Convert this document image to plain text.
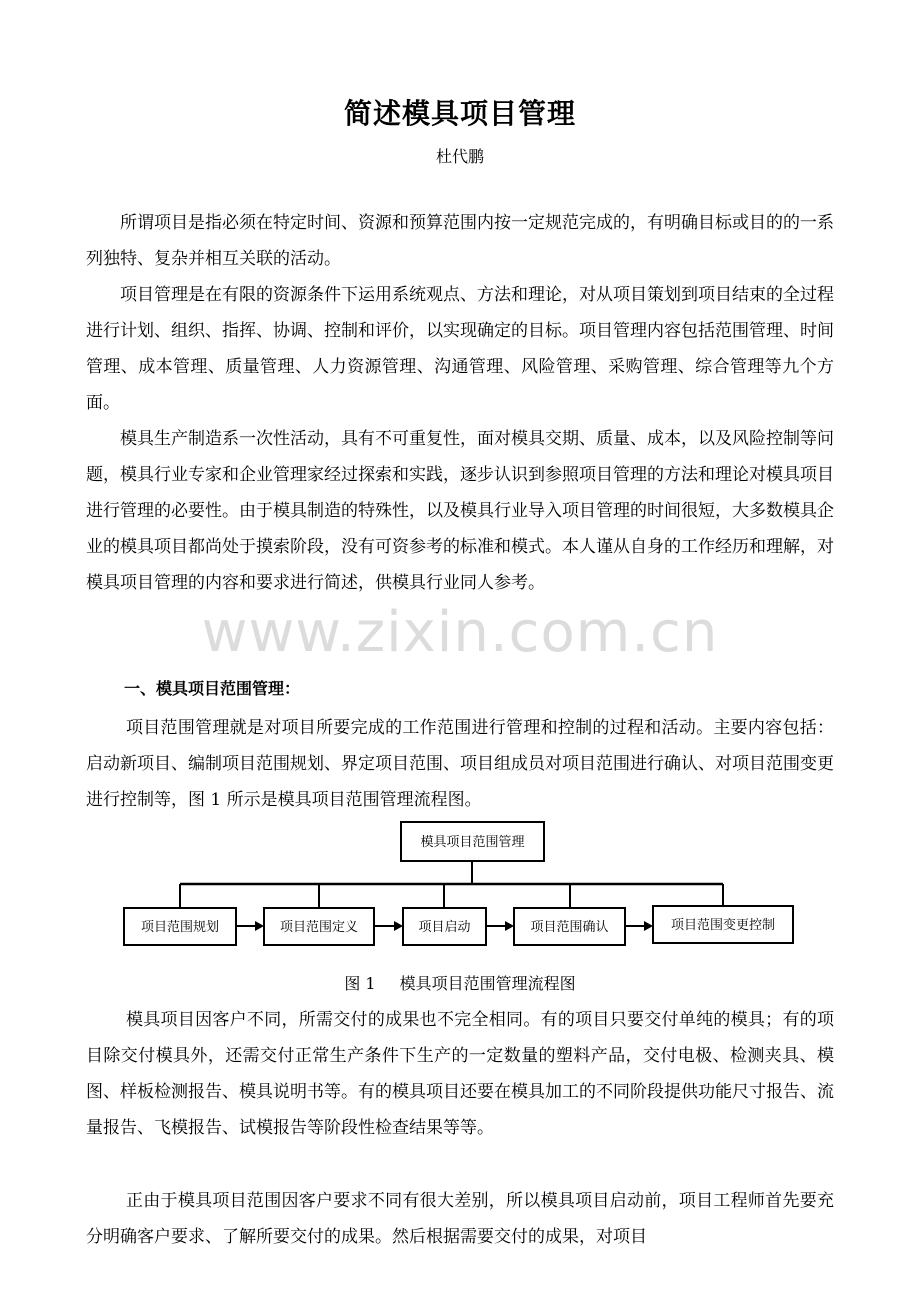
简述模具项目管理

杜代鹏

所谓项目是指必须在特定时间、资源和预算范围内按一定规范完成的，有明确目标或目的的一系列独特、复杂并相互关联的活动。

项目管理是在有限的资源条件下运用系统观点、方法和理论，对从项目策划到项目结束的全过程进行计划、组织、指挥、协调、控制和评价，以实现确定的目标。项目管理内容包括范围管理、时间管理、成本管理、质量管理、人力资源管理、沟通管理、风险管理、采购管理、综合管理等九个方面。

模具生产制造系一次性活动，具有不可重复性，面对模具交期、质量、成本，以及风险控制等问题，模具行业专家和企业管理家经过探索和实践，逐步认识到参照项目管理的方法和理论对模具项目进行管理的必要性。由于模具制造的特殊性，以及模具行业导入项目管理的时间很短，大多数模具企业的模具项目都尚处于摸索阶段，没有可资参考的标准和模式。本人谨从自身的工作经历和理解，对模具项目管理的内容和要求进行简述，供模具行业同人参考。

www.zixin.com.cn

一、模具项目范围管理：

项目范围管理就是对项目所要完成的工作范围进行管理和控制的过程和活动。主要内容包括：启动新项目、编制项目范围规划、界定项目范围、项目组成员对项目范围进行确认、对项目范围变更进行控制等，图 1 所示是模具项目范围管理流程图。

模具项目范围管理
项目范围规划	项目范围定义	项目启动	项目范围确认	项目范围变更控制

图 1 模具项目范围管理流程图

模具项目因客户不同，所需交付的成果也不完全相同。有的项目只要交付单纯的模具；有的项目除交付模具外，还需交付正常生产条件下生产的一定数量的塑料产品，交付电极、检测夹具、模图、样板检测报告、模具说明书等。有的模具项目还要在模具加工的不同阶段提供功能尺寸报告、流量报告、飞模报告、试模报告等阶段性检查结果等等。

正由于模具项目范围因客户要求不同有很大差别，所以模具项目启动前，项目工程师首先要充分明确客户要求、了解所要交付的成果。然后根据需要交付的成果，对项目
